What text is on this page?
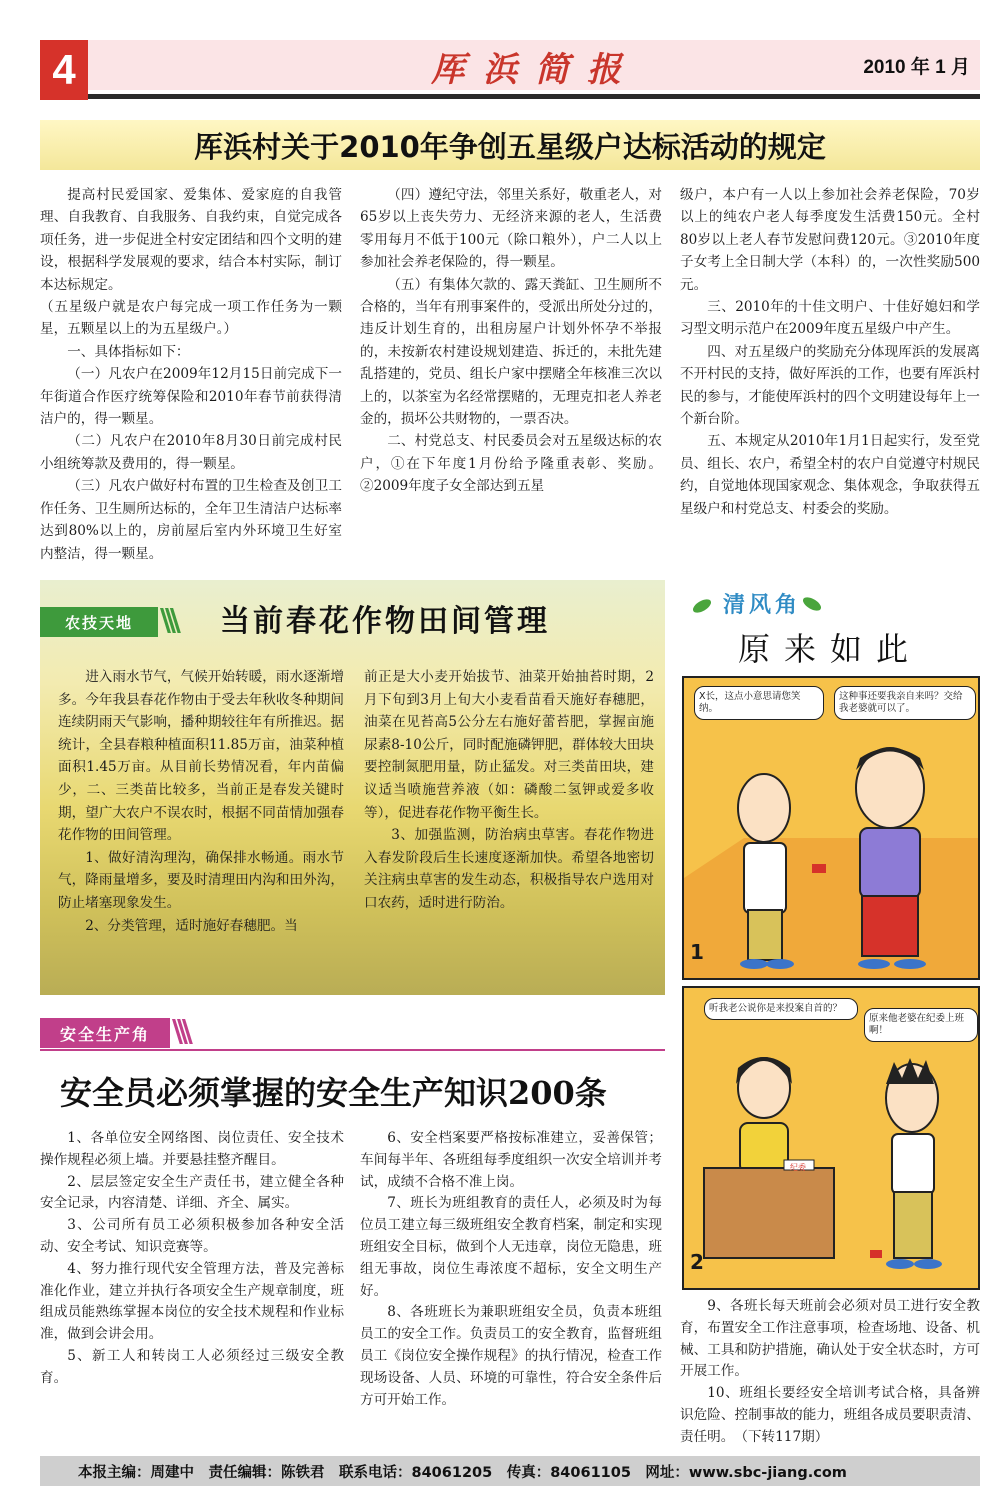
4	厍浜简报	2010 年 1 月
厍浜村关于2010年争创五星级户达标活动的规定

提高村民爱国家、爱集体、爱家庭的自我管理、自我教育、自我服务、自我约束，自觉完成各项任务，进一步促进全村安定团结和四个文明的建设，根据科学发展观的要求，结合本村实际，制订本达标规定。

（五星级户就是农户每完成一项工作任务为一颗星，五颗星以上的为五星级户。）

一、具体指标如下：

（一）凡农户在2009年12月15日前完成下一年街道合作医疗统筹保险和2010年春节前获得清洁户的，得一颗星。

（二）凡农户在2010年8月30日前完成村民小组统筹款及费用的，得一颗星。

（三）凡农户做好村布置的卫生检查及创卫工作任务、卫生厕所达标的，全年卫生清洁户达标率达到80%以上的，房前屋后室内外环境卫生好室内整洁，得一颗星。

（四）遵纪守法，邻里关系好，敬重老人，对65岁以上丧失劳力、无经济来源的老人，生活费零用每月不低于100元（除口粮外），户二人以上参加社会养老保险的，得一颗星。

（五）有集体欠款的、露天粪缸、卫生厕所不合格的，当年有刑事案件的，受派出所处分过的，违反计划生育的，出租房屋户计划外怀孕不举报的，未按新农村建设规划建造、拆迁的，未批先建乱搭建的，党员、组长户家中摆赌全年核准三次以上的，以茶室为名经常摆赌的，无理克扣老人养老金的，损坏公共财物的，一票否决。

二、村党总支、村民委员会对五星级达标的农户，①在下年度1月份给予隆重表彰、奖励。②2009年度子女全部达到五星

级户，本户有一人以上参加社会养老保险，70岁以上的纯农户老人每季度发生活费150元。全村80岁以上老人春节发慰问费120元。③2010年度子女考上全日制大学（本科）的，一次性奖励500元。

三、2010年的十佳文明户、十佳好媳妇和学习型文明示范户在2009年度五星级户中产生。

四、对五星级户的奖励充分体现厍浜的发展离不开村民的支持，做好厍浜的工作，也要有厍浜村民的参与，才能使厍浜村的四个文明建设每年上一个新台阶。

五、本规定从2010年1月1日起实行，发至党员、组长、农户，希望全村的农户自觉遵守村规民约，自觉地体现国家观念、集体观念，争取获得五星级户和村党总支、村委会的奖励。

农技天地 \\\	当前春花作物田间管理

进入雨水节气，气候开始转暖，雨水逐渐增多。今年我县春花作物由于受去年秋收冬种期间连续阴雨天气影响，播种期较往年有所推迟。据统计，全县春粮种植面积11.85万亩，油菜种植面积1.45万亩。从目前长势情况看，年内苗偏少，二、三类苗比较多，当前正是春发关键时期，望广大农户不误农时，根据不同苗情加强春花作物的田间管理。

1、做好清沟理沟，确保排水畅通。雨水节气，降雨量增多，要及时清理田内沟和田外沟，防止堵塞现象发生。

2、分类管理，适时施好春穗肥。当

前正是大小麦开始拔节、油菜开始抽苔时期，2月下旬到3月上旬大小麦看苗看天施好春穗肥，油菜在见苔高5公分左右施好蕾苔肥，掌握亩施尿素8-10公斤，同时配施磷钾肥，群体较大田块要控制氮肥用量，防止猛发。对三类苗田块，建议适当喷施营养液（如：磷酸二氢钾或爱多收等），促进春花作物平衡生长。

3、加强监测，防治病虫草害。春花作物进入春发阶段后生长速度逐渐加快。希望各地密切关注病虫草害的发生动态，积极指导农户选用对口农药，适时进行防治。

清风角
原来如此
X长，这点小意思请您笑纳。
这种事还要我亲自来吗？交给我老婆就可以了。
1
听我老公说你是来投案自首的？
原来他老婆在纪委上班啊！
纪委
2
安全生产角 \\\
安全员必须掌握的安全生产知识200条

1、各单位安全网络图、岗位责任、安全技术操作规程必须上墙。并要悬挂整齐醒目。

2、层层签定安全生产责任书，建立健全各种安全记录，内容清楚、详细、齐全、属实。

3、公司所有员工必须积极参加各种安全活动、安全考试、知识竞赛等。

4、努力推行现代安全管理方法，普及完善标准化作业，建立并执行各项安全生产规章制度，班组成员能熟练掌握本岗位的安全技术规程和作业标准，做到会讲会用。

5、新工人和转岗工人必须经过三级安全教育。

6、安全档案要严格按标准建立，妥善保管；车间每半年、各班组每季度组织一次安全培训并考试，成绩不合格不准上岗。

7、班长为班组教育的责任人，必须及时为每位员工建立每三级班组安全教育档案，制定和实现班组安全目标，做到个人无违章，岗位无隐患，班组无事故，岗位生毒浓度不超标，安全文明生产好。

8、各班班长为兼职班组安全员，负责本班组员工的安全工作。负责员工的安全教育，监督班组员工《岗位安全操作规程》的执行情况，检查工作现场设备、人员、环境的可靠性，符合安全条件后方可开始工作。

9、各班长每天班前会必须对员工进行安全教育，布置安全工作注意事项，检查场地、设备、机械、工具和防护措施，确认处于安全状态时，方可开展工作。

10、班组长要经安全培训考试合格，具备辨识危险、控制事故的能力，班组各成员要职责清、责任明。　（下转117期）

本报主编：周建中　责任编辑：陈铁君　联系电话：84061205　传真：84061105　网址：www.sbc-jiang.com
